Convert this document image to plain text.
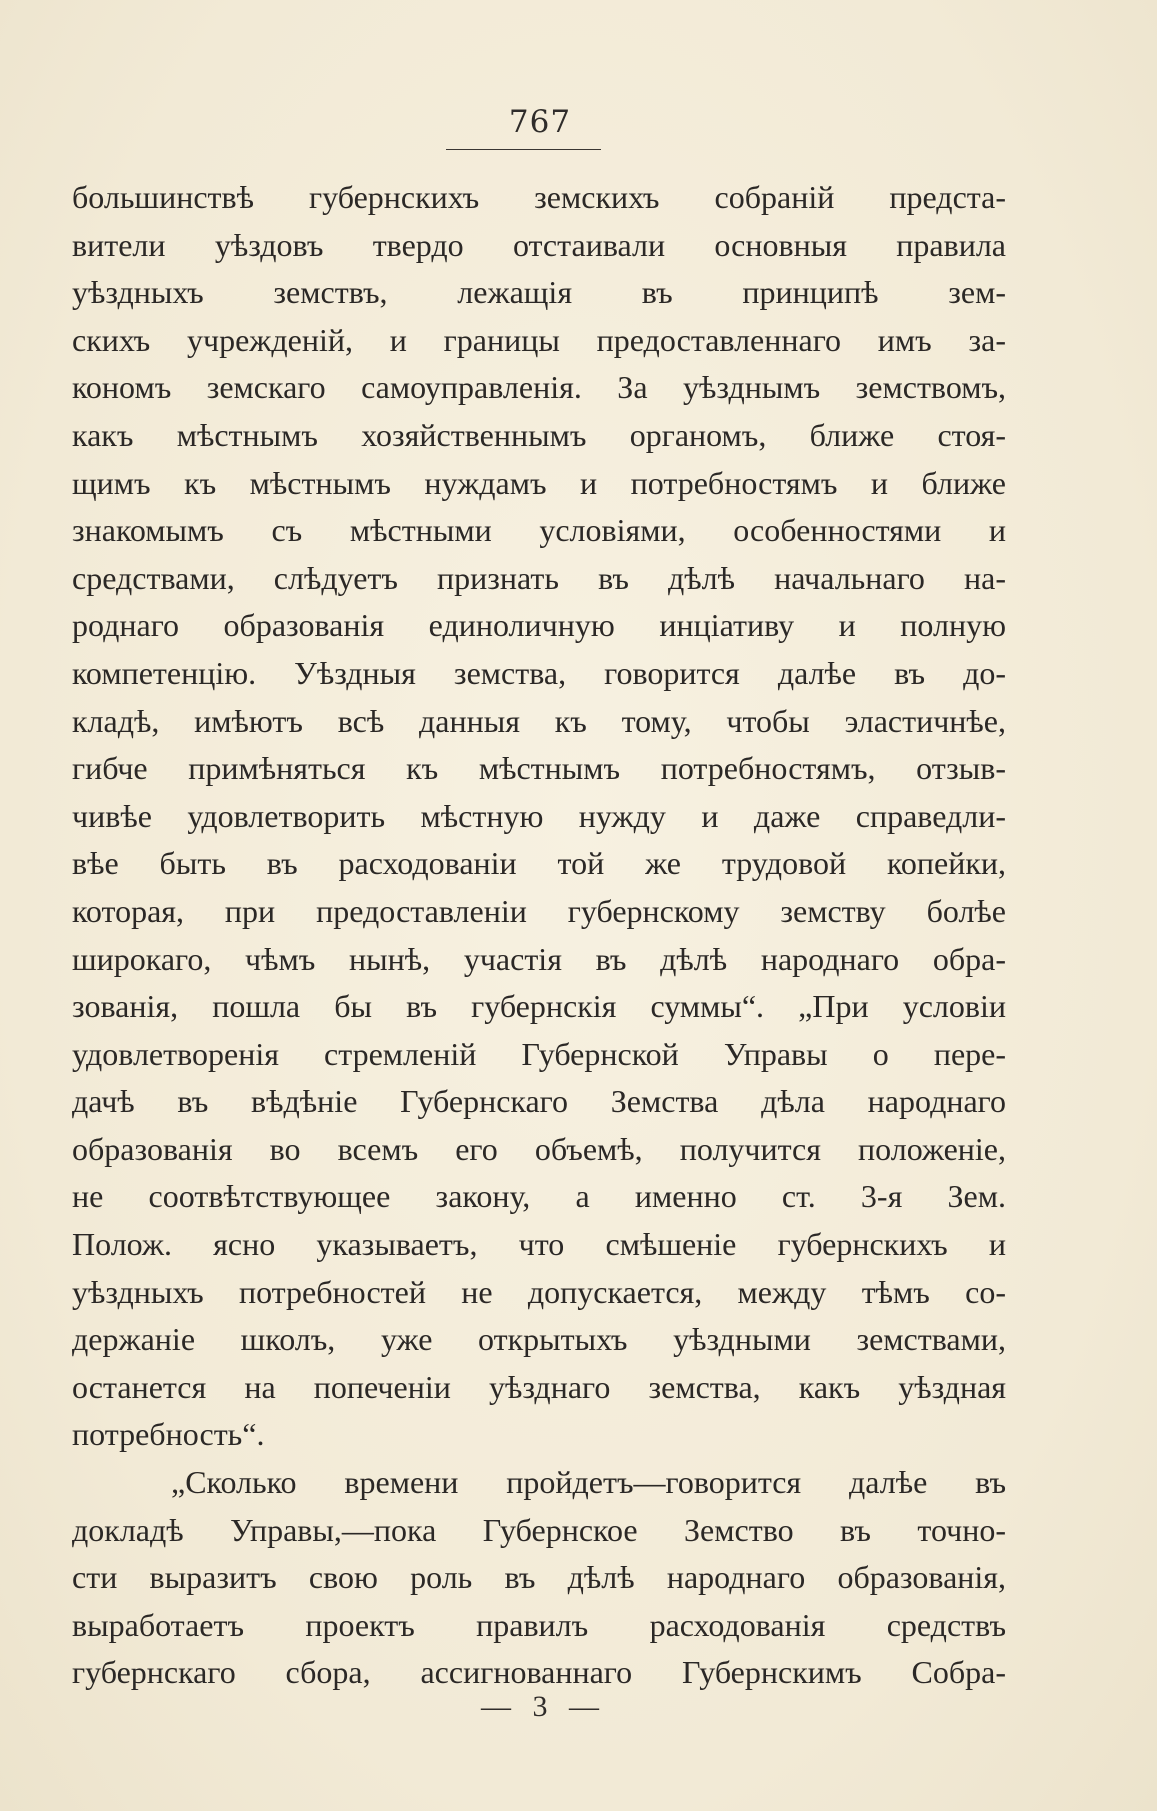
767
большинствѣ губернскихъ земскихъ собраній предста-
вители уѣздовъ твердо отстаивали основныя правила
уѣздныхъ земствъ, лежащія въ принципѣ зем-
скихъ учрежденій, и границы предоставленнаго имъ за-
кономъ земскаго самоуправленія. За уѣзднымъ земствомъ,
какъ мѣстнымъ хозяйственнымъ органомъ, ближе стоя-
щимъ къ мѣстнымъ нуждамъ и потребностямъ и ближе
знакомымъ съ мѣстными условіями, особенностями и
средствами, слѣдуетъ признать въ дѣлѣ начальнаго на-
роднаго образованія единоличную инціативу и полную
компетенцію. Уѣздныя земства, говорится далѣе въ до-
кладѣ, имѣютъ всѣ данныя къ тому, чтобы эластичнѣе,
гибче примѣняться къ мѣстнымъ потребностямъ, отзыв-
чивѣе удовлетворить мѣстную нужду и даже справедли-
вѣе быть въ расходованіи той же трудовой копейки,
которая, при предоставленіи губернскому земству болѣе
широкаго, чѣмъ нынѣ, участія въ дѣлѣ народнаго обра-
зованія, пошла бы въ губернскія суммы“. „При условіи
удовлетворенія стремленій Губернской Управы о пере-
дачѣ въ вѣдѣніе Губернскаго Земства дѣла народнаго
образованія во всемъ его объемѣ, получится положеніе,
не соотвѣтствующее закону, а именно ст. 3-я Зем.
Полож. ясно указываетъ, что смѣшеніе губернскихъ и
уѣздныхъ потребностей не допускается, между тѣмъ со-
держаніе школъ, уже открытыхъ уѣздными земствами,
останется на попеченіи уѣзднаго земства, какъ уѣздная
потребность“.
„Сколько времени пройдетъ—говорится далѣе въ
докладѣ Управы,—пока Губернское Земство въ точно-
сти выразитъ свою роль въ дѣлѣ народнаго образованія,
выработаетъ проектъ правилъ расходованія средствъ
губернскаго сбора, ассигнованнаго Губернскимъ Собра-
— 3 —
